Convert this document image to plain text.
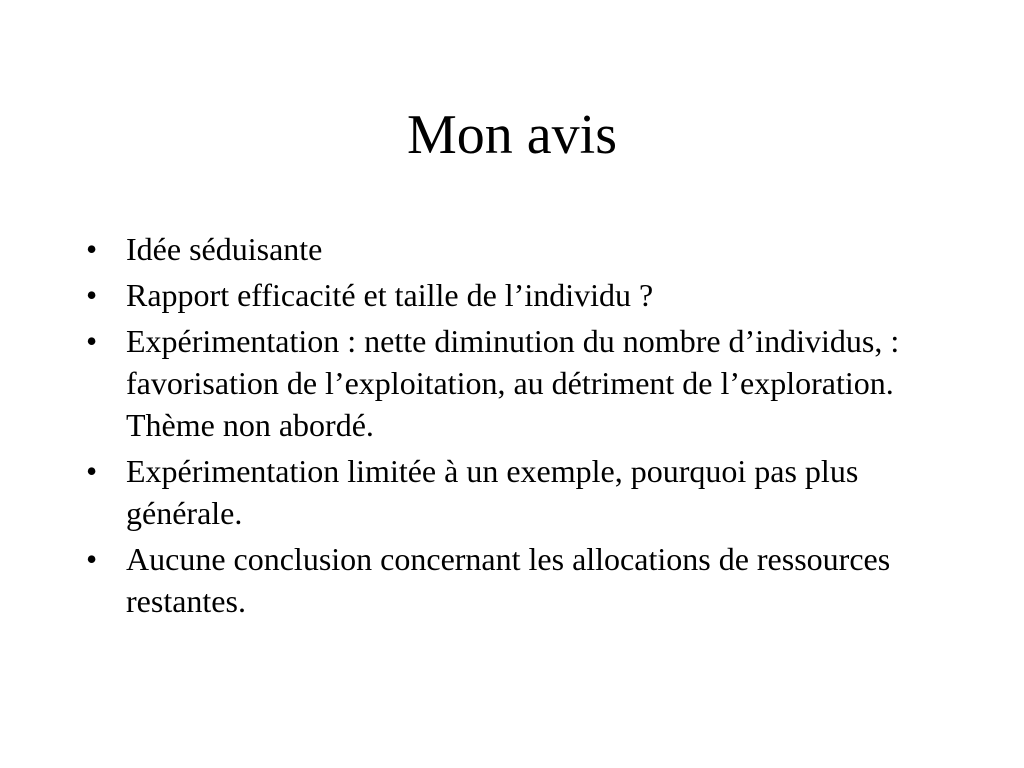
Mon avis
• Idée séduisante
• Rapport efficacité et taille de l’individu ?
• Expérimentation : nette diminution du nombre d’individus, : favorisation de l’exploitation, au détriment de l’exploration. Thème non abordé.
• Expérimentation limitée à un exemple, pourquoi pas plus générale.
• Aucune conclusion concernant les allocations de ressources restantes.
